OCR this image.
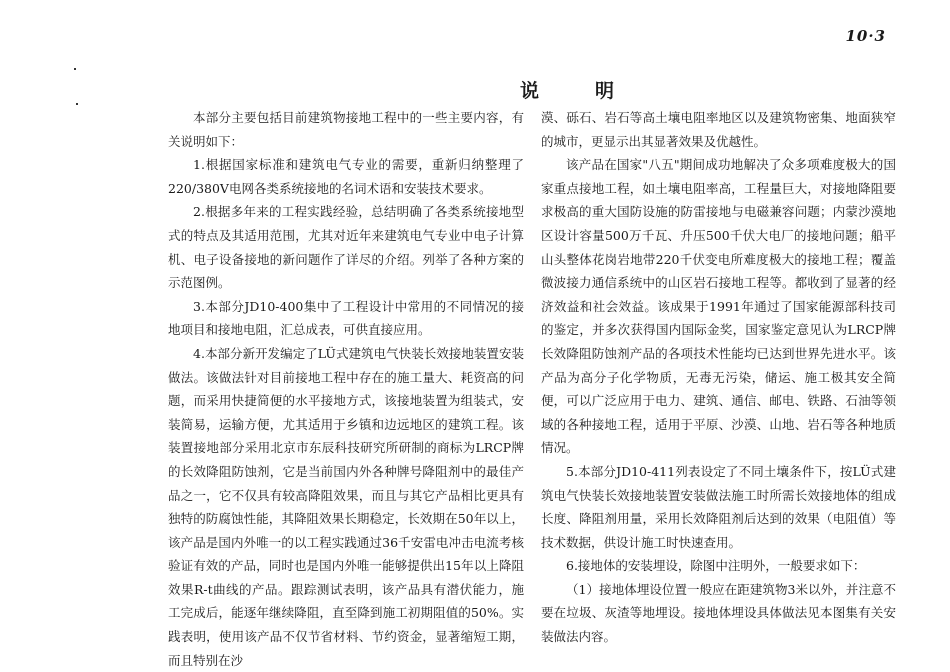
10·3
说明

本部分主要包括目前建筑物接地工程中的一些主要内容，有关说明如下：

1.根据国家标准和建筑电气专业的需要，重新归纳整理了220/380V电网各类系统接地的名词术语和安装技术要求。

2.根据多年来的工程实践经验，总结明确了各类系统接地型式的特点及其适用范围，尤其对近年来建筑电气专业中电子计算机、电子设备接地的新问题作了详尽的介绍。列举了各种方案的示范图例。

3.本部分JD10-400集中了工程设计中常用的不同情况的接地项目和接地电阻，汇总成表，可供直接应用。

4.本部分新开发编定了LÜ式建筑电气快装长效接地装置安装做法。该做法针对目前接地工程中存在的施工量大、耗资高的问题，而采用快捷简便的水平接地方式，该接地装置为组装式，安装简易，运输方便，尤其适用于乡镇和边远地区的建筑工程。该装置接地部分采用北京市东辰科技研究所研制的商标为LRCP牌的长效降阻防蚀剂，它是当前国内外各种牌号降阻剂中的最佳产品之一，它不仅具有较高降阻效果，而且与其它产品相比更具有独特的防腐蚀性能，其降阻效果长期稳定，长效期在50年以上，该产品是国内外唯一的以工程实践通过36千安雷电冲击电流考核验证有效的产品，同时也是国内外唯一能够提供出15年以上降阻效果R-t曲线的产品。跟踪测试表明，该产品具有潜伏能力，施工完成后，能逐年继续降阻，直至降到施工初期阻值的50%。实践表明，使用该产品不仅节省材料、节约资金，显著缩短工期，而且特别在沙

漠、砾石、岩石等高土壤电阻率地区以及建筑物密集、地面狭窄的城市，更显示出其显著效果及优越性。

该产品在国家"八五"期间成功地解决了众多项难度极大的国家重点接地工程，如土壤电阻率高，工程量巨大，对接地降阻要求极高的重大国防设施的防雷接地与电磁兼容问题；内蒙沙漠地区设计容量500万千瓦、升压500千伏大电厂的接地问题；船平山头整体花岗岩地带220千伏变电所难度极大的接地工程；覆盖微波接力通信系统中的山区岩石接地工程等。都收到了显著的经济效益和社会效益。该成果于1991年通过了国家能源部科技司的鉴定，并多次获得国内国际金奖，国家鉴定意见认为LRCP牌长效降阻防蚀剂产品的各项技术性能均已达到世界先进水平。该产品为高分子化学物质，无毒无污染，储运、施工极其安全简便，可以广泛应用于电力、建筑、通信、邮电、铁路、石油等领域的各种接地工程，适用于平原、沙漠、山地、岩石等各种地质情况。

5.本部分JD10-411列表设定了不同土壤条件下，按LÜ式建筑电气快装长效接地装置安装做法施工时所需长效接地体的组成长度、降阻剂用量，采用长效降阻剂后达到的效果（电阻值）等技术数据，供设计施工时快速查用。

6.接地体的安装埋设，除图中注明外，一般要求如下：

（1）接地体埋设位置一般应在距建筑物3米以外，并注意不要在垃圾、灰渣等地埋设。接地体埋设具体做法见本图集有关安装做法内容。
